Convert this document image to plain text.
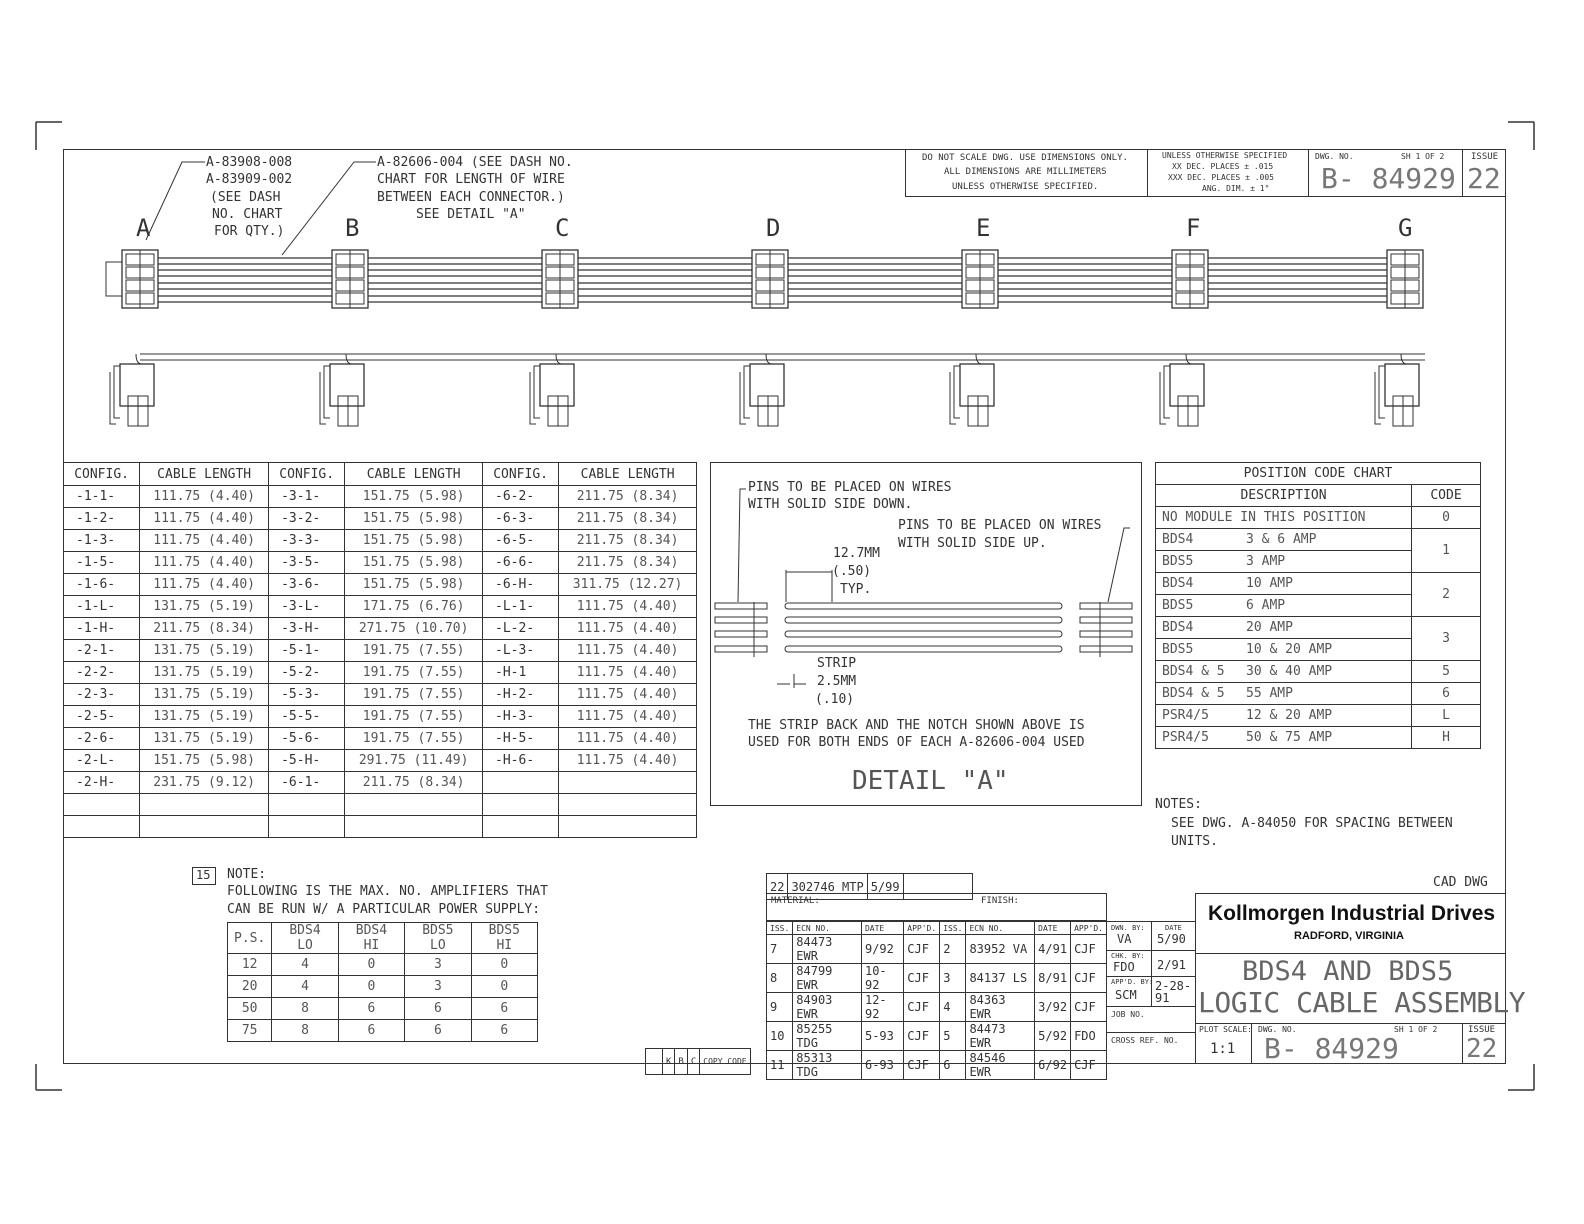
DO NOT SCALE DWG. USE DIMENSIONS ONLY.
ALL DIMENSIONS ARE MILLIMETERS
UNLESS OTHERWISE SPECIFIED.
UNLESS OTHERWISE SPECIFIED
XX DEC. PLACES ± .015
XXX DEC. PLACES ± .005
ANG. DIM. ± 1°
DWG. NO.	SH 1 OF 2
B- 84929
ISSUE
22
A-83908-008
A-83909-002
(SEE DASH
NO. CHART
FOR QTY.)
A-82606-004 (SEE DASH NO.
CHART FOR LENGTH OF WIRE
BETWEEN EACH CONNECTOR.)
SEE DETAIL "A"
A	B	C	D	E	F	G
CONFIG.	CABLE LENGTH	CONFIG.	CABLE LENGTH	CONFIG.	CABLE LENGTH
-1-1-	111.75 (4.40)	-3-1-	151.75 (5.98)	-6-2-	211.75 (8.34)
-1-2-	111.75 (4.40)	-3-2-	151.75 (5.98)	-6-3-	211.75 (8.34)
-1-3-	111.75 (4.40)	-3-3-	151.75 (5.98)	-6-5-	211.75 (8.34)
-1-5-	111.75 (4.40)	-3-5-	151.75 (5.98)	-6-6-	211.75 (8.34)
-1-6-	111.75 (4.40)	-3-6-	151.75 (5.98)	-6-H-	311.75 (12.27)
-1-L-	131.75 (5.19)	-3-L-	171.75 (6.76)	-L-1-	111.75 (4.40)
-1-H-	211.75 (8.34)	-3-H-	271.75 (10.70)	-L-2-	111.75 (4.40)
-2-1-	131.75 (5.19)	-5-1-	191.75 (7.55)	-L-3-	111.75 (4.40)
-2-2-	131.75 (5.19)	-5-2-	191.75 (7.55)	-H-1	111.75 (4.40)
-2-3-	131.75 (5.19)	-5-3-	191.75 (7.55)	-H-2-	111.75 (4.40)
-2-5-	131.75 (5.19)	-5-5-	191.75 (7.55)	-H-3-	111.75 (4.40)
-2-6-	131.75 (5.19)	-5-6-	191.75 (7.55)	-H-5-	111.75 (4.40)
-2-L-	151.75 (5.98)	-5-H-	291.75 (11.49)	-H-6-	111.75 (4.40)
-2-H-	231.75 (9.12)	-6-1-	211.75 (8.34)		

PINS TO BE PLACED ON WIRES
WITH SOLID SIDE DOWN.
PINS TO BE PLACED ON WIRES
WITH SOLID SIDE UP.
12.7MM
(.50)
TYP.
STRIP
2.5MM
(.10)
THE STRIP BACK AND THE NOTCH SHOWN ABOVE IS
USED FOR BOTH ENDS OF EACH A-82606-004 USED
DETAIL "A"
POSITION CODE CHART		
DESCRIPTION		CODE
NO MODULE IN THIS POSITION		0
BDS4	3 & 6 AMP	1
BDS5	3 AMP	
BDS4	10 AMP	2
BDS5	6 AMP	
BDS4	20 AMP	3
BDS5	10 & 20 AMP	
BDS4 & 5	30 & 40 AMP	5
BDS4 & 5	55 AMP	6
PSR4/5	12 & 20 AMP	L
PSR4/5	50 & 75 AMP	H
NOTES:
SEE DWG. A-84050 FOR SPACING BETWEEN
UNITS.
15 NOTE:
FOLLOWING IS THE MAX. NO. AMPLIFIERS THAT
CAN BE RUN W/ A PARTICULAR POWER SUPPLY:
P.S.	BDS4 LO	BDS4 HI	BDS5 LO	BDS5 HI
12	4	0	3	0
20	4	0	3	0
50	8	6	6	6
75	8	6	6	6
22	302746 MTP	5/99	
MATERIAL:	FINISH:
ISS.	ECN NO.	DATE	APP'D.	ISS.	ECN NO.	DATE	APP'D.
7	84473 EWR	9/92	CJF	2	83952 VA	4/91	CJF
8	84799 EWR	10-92	CJF	3	84137 LS	8/91	CJF
9	84903 EWR	12-92	CJF	4	84363 EWR	3/92	CJF
10	85255 TDG	5-93	CJF	5	84473 EWR	5/92	FDO
11	85313 TDG	6-93	CJF	6	84546 EWR	6/92	CJF
	K	B	C	COPY CODE
DWN. BY:
VA
DATE
5/90
CHK. BY:
FDO 2/91
APP'D. BY:
SCM
2-28-91
JOB NO.
CROSS REF. NO.
CAD DWG
Kollmorgen Industrial Drives
RADFORD, VIRGINIA
BDS4 AND BDS5
LOGIC CABLE ASSEMBLY
PLOT SCALE:
1:1
DWG. NO.	SH 1 OF 2
B- 84929
ISSUE
22
